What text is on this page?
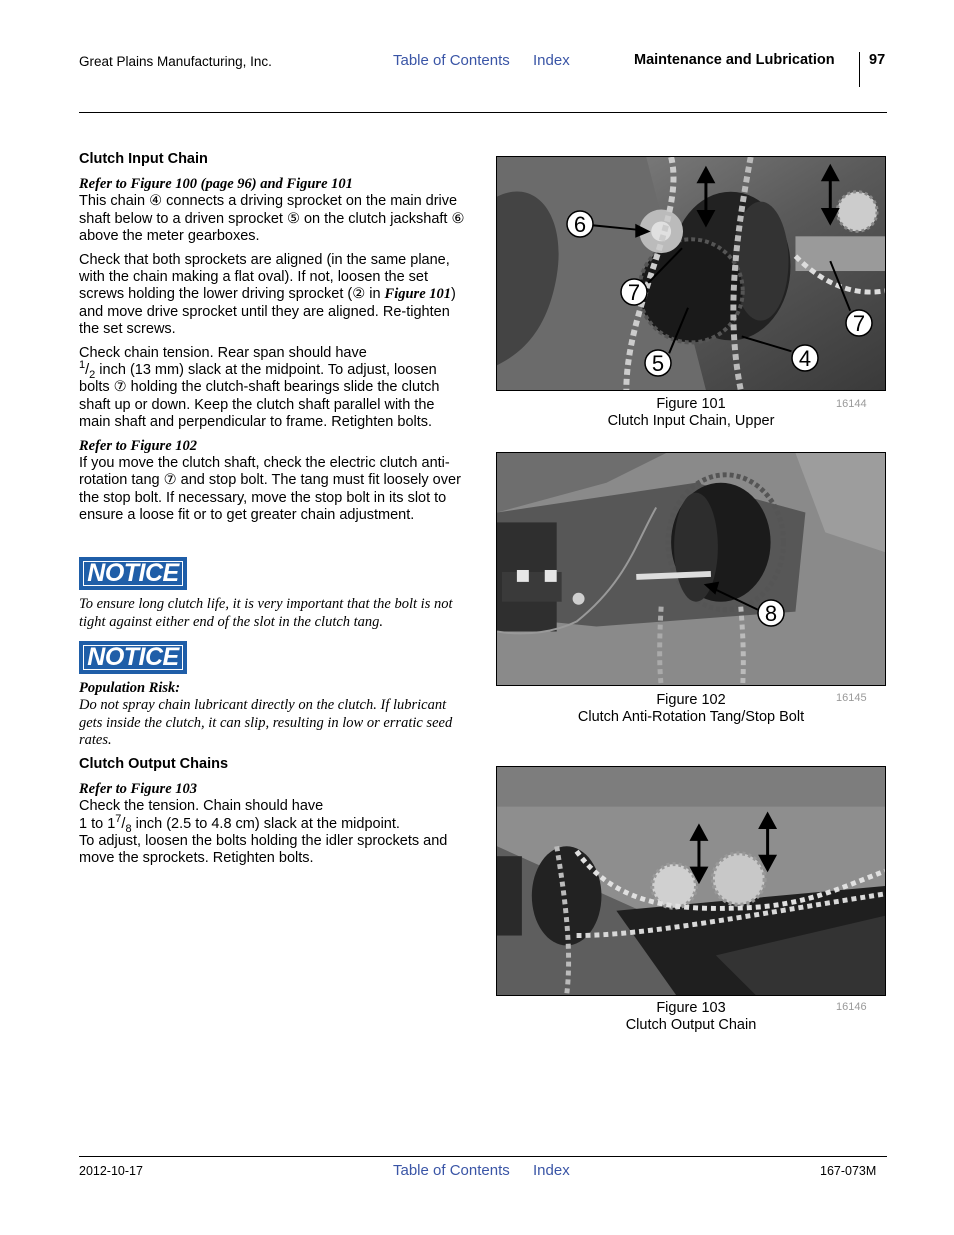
Great Plains Manufacturing, Inc.	Table of Contents Index	Maintenance and Lubrication 97
Clutch Input Chain
Refer to Figure 100 (page 96) and Figure 101

This chain ④ connects a driving sprocket on the main drive shaft below to a driven sprocket ⑤ on the clutch jackshaft ⑥ above the meter gearboxes.

Check that both sprockets are aligned (in the same plane, with the chain making a flat oval). If not, loosen the set screws holding the lower driving sprocket (② in Figure 101) and move drive sprocket until they are aligned. Re-tighten the set screws.

Check chain tension. Rear span should have
$^1/_2$ inch (13 mm) slack at the midpoint. To adjust, loosen bolts ⑦ holding the clutch-shaft bearings slide the clutch shaft up or down. Keep the clutch shaft parallel with the main shaft and perpendicular to frame. Retighten bolts.

Refer to Figure 102

If you move the clutch shaft, check the electric clutch anti-rotation tang ⑦ and stop bolt. The tang must fit loosely over the stop bolt. If necessary, move the stop bolt in its slot to ensure a loose fit or to get greater chain adjustment.

NOTICE
To ensure long clutch life, it is very important that the bolt is not tight against either end of the slot in the clutch tang.
NOTICE
Population Risk:
Do not spray chain lubricant directly on the clutch. If lubricant gets inside the clutch, it can slip, resulting in low or erratic seed rates.
Clutch Output Chains
Refer to Figure 103

Check the tension. Chain should have

1 to $1^7/_8$ inch (2.5 to 4.8 cm) slack at the midpoint.

To adjust, loosen the bolts holding the idler sprockets and move the sprockets. Retighten bolts.

6
7
7
5	4
Figure 101
Clutch Input Chain, Upper
16144
8
Figure 102
Clutch Anti-Rotation Tang/Stop Bolt
16145
Figure 103
Clutch Output Chain
16146
2012-10-17	Table of Contents Index	167-073M
